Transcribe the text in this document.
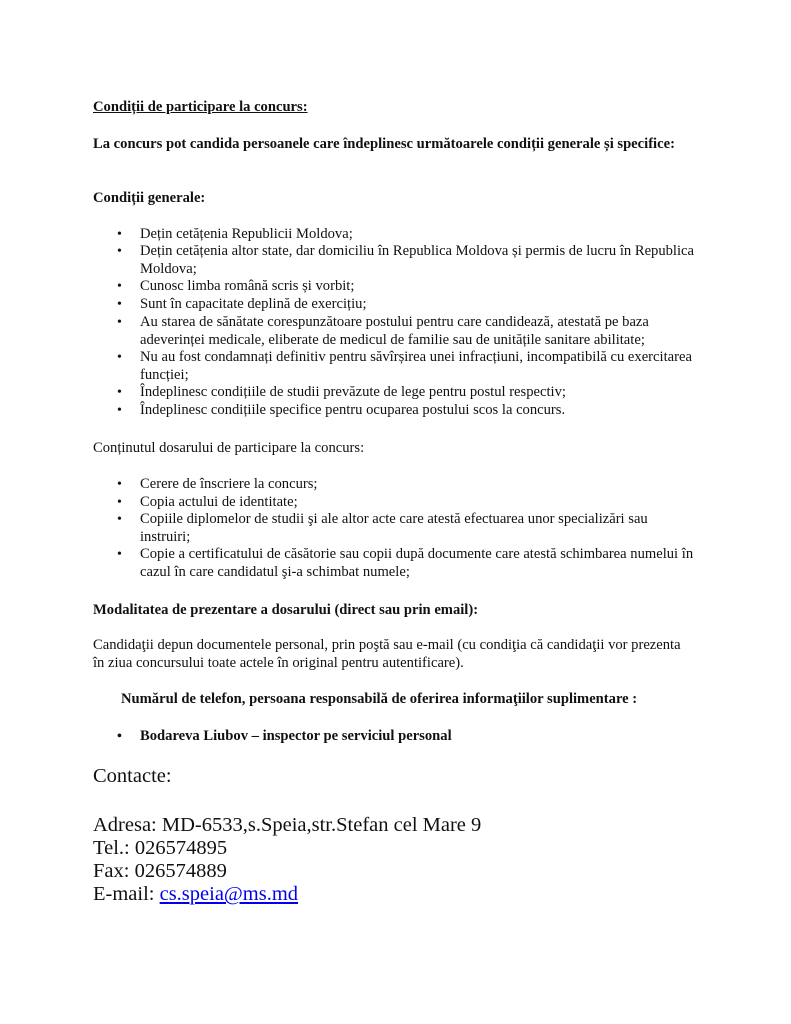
Condiții de participare la concurs:
La concurs pot candida persoanele care îndeplinesc următoarele condiții generale și specifice:
Condiții generale:
• Dețin cetățenia Republicii Moldova;
• Dețin cetățenia altor state, dar domiciliu în Republica Moldova și permis de lucru în Republica Moldova;
• Cunosc limba română scris și vorbit;
• Sunt în capacitate deplină de exercițiu;
• Au starea de sănătate corespunzătoare postului pentru care candidează, atestată pe baza adeverinței medicale, eliberate de medicul de familie sau de unitățile sanitare abilitate;
• Nu au fost condamnați definitiv pentru săvîrșirea unei infracțiuni, incompatibilă cu exercitarea funcției;
• Îndeplinesc condițiile de studii prevăzute de lege pentru postul respectiv;
• Îndeplinesc condițiile specifice pentru ocuparea postului scos la concurs.
Conținutul dosarului de participare la concurs:
• Cerere de înscriere la concurs;
• Copia actului de identitate;
• Copiile diplomelor de studii şi ale altor acte care atestă efectuarea unor specializări sau instruiri;
• Copie a certificatului de căsătorie sau copii după documente care atestă schimbarea numelui în cazul în care candidatul şi-a schimbat numele;
Modalitatea de prezentare a dosarului (direct sau prin email):
Candidaţii depun documentele personal, prin poştă sau e-mail (cu condiţia că candidaţii vor prezenta în ziua concursului toate actele în original pentru autentificare).
Numărul de telefon, persoana responsabilă de oferirea informaţiilor suplimentare :
• Bodareva Liubov – inspector pe serviciul personal
Contacte:
Adresa: MD-6533,s.Speia,str.Stefan cel Mare 9
Tel.: 026574895
Fax: 026574889
E-mail: cs.speia@ms.md
